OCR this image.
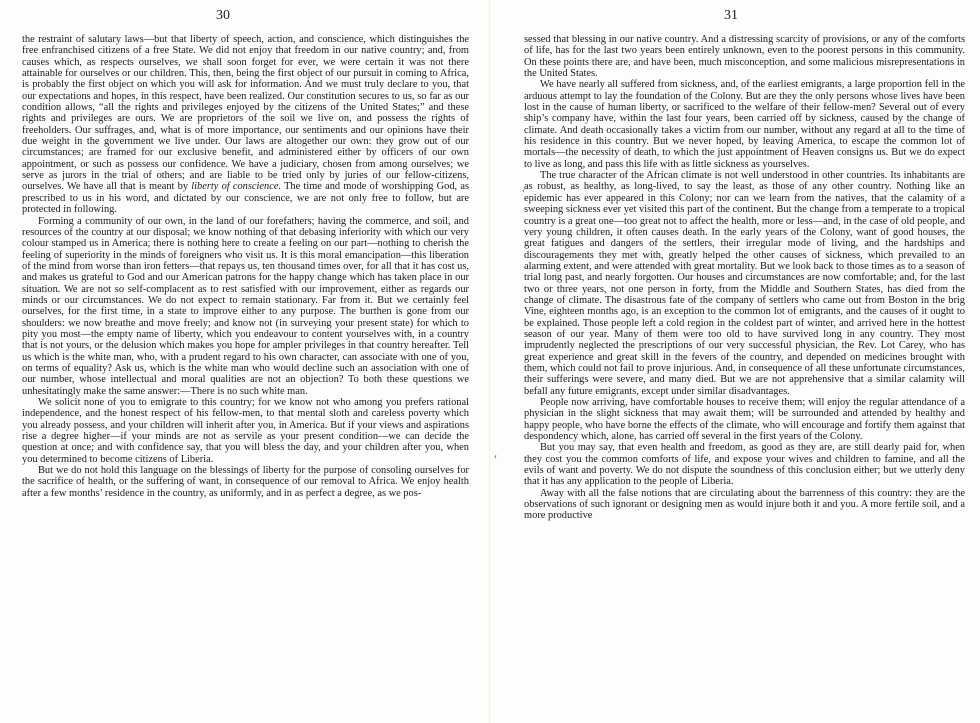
30

the restraint of salutary laws—but that liberty of speech, action, and conscience, which distinguishes the free enfranchised citizens of a free State. We did not enjoy that freedom in our native country; and, from causes which, as respects ourselves, we shall soon forget for ever, we were certain it was not there attainable for ourselves or our children. This, then, being the first object of our pursuit in coming to Africa, is probably the first object on which you will ask for information. And we must truly declare to you, that our expectations and hopes, in this respect, have been realized. Our constitution secures to us, so far as our condition allows, “all the rights and privileges enjoyed by the citizens of the United States;” and these rights and privileges are ours. We are proprietors of the soil we live on, and possess the rights of freeholders. Our suffrages, and, what is of more importance, our sentiments and our opinions have their due weight in the government we live under. Our laws are altogether our own: they grow out of our circumstances; are framed for our exclusive benefit, and administered either by officers of our own appointment, or such as possess our confidence. We have a judiciary, chosen from among ourselves; we serve as jurors in the trial of others; and are liable to be tried only by juries of our fellow-citizens, ourselves. We have all that is meant by liberty of conscience. The time and mode of worshipping God, as prescribed to us in his word, and dictated by our conscience, we are not only free to follow, but are protected in following.

Forming a community of our own, in the land of our forefathers; having the commerce, and soil, and resources of the country at our disposal; we know nothing of that debasing inferiority with which our very colour stamped us in America; there is nothing here to create a feeling on our part—nothing to cherish the feeling of superiority in the minds of foreigners who visit us. It is this moral emancipation—this liberation of the mind from worse than iron fetters—that repays us, ten thousand times over, for all that it has cost us, and makes us grateful to God and our American patrons for the happy change which has taken place in our situation. We are not so self-complacent as to rest satisfied with our improvement, either as regards our minds or our circumstances. We do not expect to remain stationary. Far from it. But we certainly feel ourselves, for the first time, in a state to improve either to any purpose. The burthen is gone from our shoulders: we now breathe and move freely; and know not (in surveying your present state) for which to pity you most—the empty name of liberty, which you endeavour to content yourselves with, in a country that is not yours, or the delusion which makes you hope for ampler privileges in that country hereafter. Tell us which is the white man, who, with a prudent regard to his own character, can associate with one of you, on terms of equality? Ask us, which is the white man who would decline such an association with one of our number, whose intellectual and moral qualities are not an objection? To both these questions we unhesitatingly make the same answer:—There is no such white man.

We solicit none of you to emigrate to this country; for we know not who among you prefers rational independence, and the honest respect of his fellow-men, to that mental sloth and careless poverty which you already possess, and your children will inherit after you, in America. But if your views and aspirations rise a degree higher—if your minds are not as servile as your present condition—we can decide the question at once; and with confidence say, that you will bless the day, and your children after you, when you determined to become citizens of Liberia.

But we do not hold this language on the blessings of liberty for the purpose of consoling ourselves for the sacrifice of health, or the suffering of want, in consequence of our removal to Africa. We enjoy health after a few months’ residence in the country, as uniformly, and in as perfect a degree, as we pos-

31

sessed that blessing in our native country. And a distressing scarcity of provisions, or any of the comforts of life, has for the last two years been entirely unknown, even to the poorest persons in this community. On these points there are, and have been, much misconception, and some malicious misrepresentations in the United States.

We have nearly all suffered from sickness, and, of the earliest emigrants, a large proportion fell in the arduous attempt to lay the foundation of the Colony. But are they the only persons whose lives have been lost in the cause of human liberty, or sacrificed to the welfare of their fellow-men? Several out of every ship’s company have, within the last four years, been carried off by sickness, caused by the change of climate. And death occasionally takes a victim from our number, without any regard at all to the time of his residence in this country. But we never hoped, by leaving America, to escape the common lot of mortals—the necessity of death, to which the just appointment of Heaven consigns us. But we do expect to live as long, and pass this life with as little sickness as yourselves.

The true character of the African climate is not well understood in other countries. Its inhabitants are as robust, as healthy, as long-lived, to say the least, as those of any other country. Nothing like an epidemic has ever appeared in this Colony; nor can we learn from the natives, that the calamity of a sweeping sickness ever yet visited this part of the continent. But the change from a temperate to a tropical country is a great one—too great not to affect the health, more or less—and, in the case of old people, and very young children, it often causes death. In the early years of the Colony, want of good houses, the great fatigues and dangers of the settlers, their irregular mode of living, and the hardships and discouragements they met with, greatly helped the other causes of sickness, which prevailed to an alarming extent, and were attended with great mortality. But we look back to those times as to a season of trial long past, and nearly forgotten. Our houses and circumstances are now comfortable; and, for the last two or three years, not one person in forty, from the Middle and Southern States, has died from the change of climate. The disastrous fate of the company of settlers who came out from Boston in the brig Vine, eighteen months ago, is an exception to the common lot of emigrants, and the causes of it ought to be explained. Those people left a cold region in the coldest part of winter, and arrived here in the hottest season of our year. Many of them were too old to have survived long in any country. They most imprudently neglected the prescriptions of our very successful physician, the Rev. Lot Carey, who has great experience and great skill in the fevers of the country, and depended on medicines brought with them, which could not fail to prove injurious. And, in consequence of all these unfortunate circumstances, their sufferings were severe, and many died. But we are not apprehensive that a similar calamity will befall any future emigrants, except under similar disadvantages.

People now arriving, have comfortable houses to receive them; will enjoy the regular attendance of a physician in the slight sickness that may await them; will be surrounded and attended by healthy and happy people, who have borne the effects of the climate, who will encourage and fortify them against that despondency which, alone, has carried off several in the first years of the Colony.

But you may say, that even health and freedom, as good as they are, are still dearly paid for, when they cost you the common comforts of life, and expose your wives and children to famine, and all the evils of want and poverty. We do not dispute the soundness of this conclusion either; but we utterly deny that it has any application to the people of Liberia.

Away with all the false notions that are circulating about the barrenness of this country: they are the observations of such ignorant or designing men as would injure both it and you. A more fertile soil, and a more productive

‹
‹
